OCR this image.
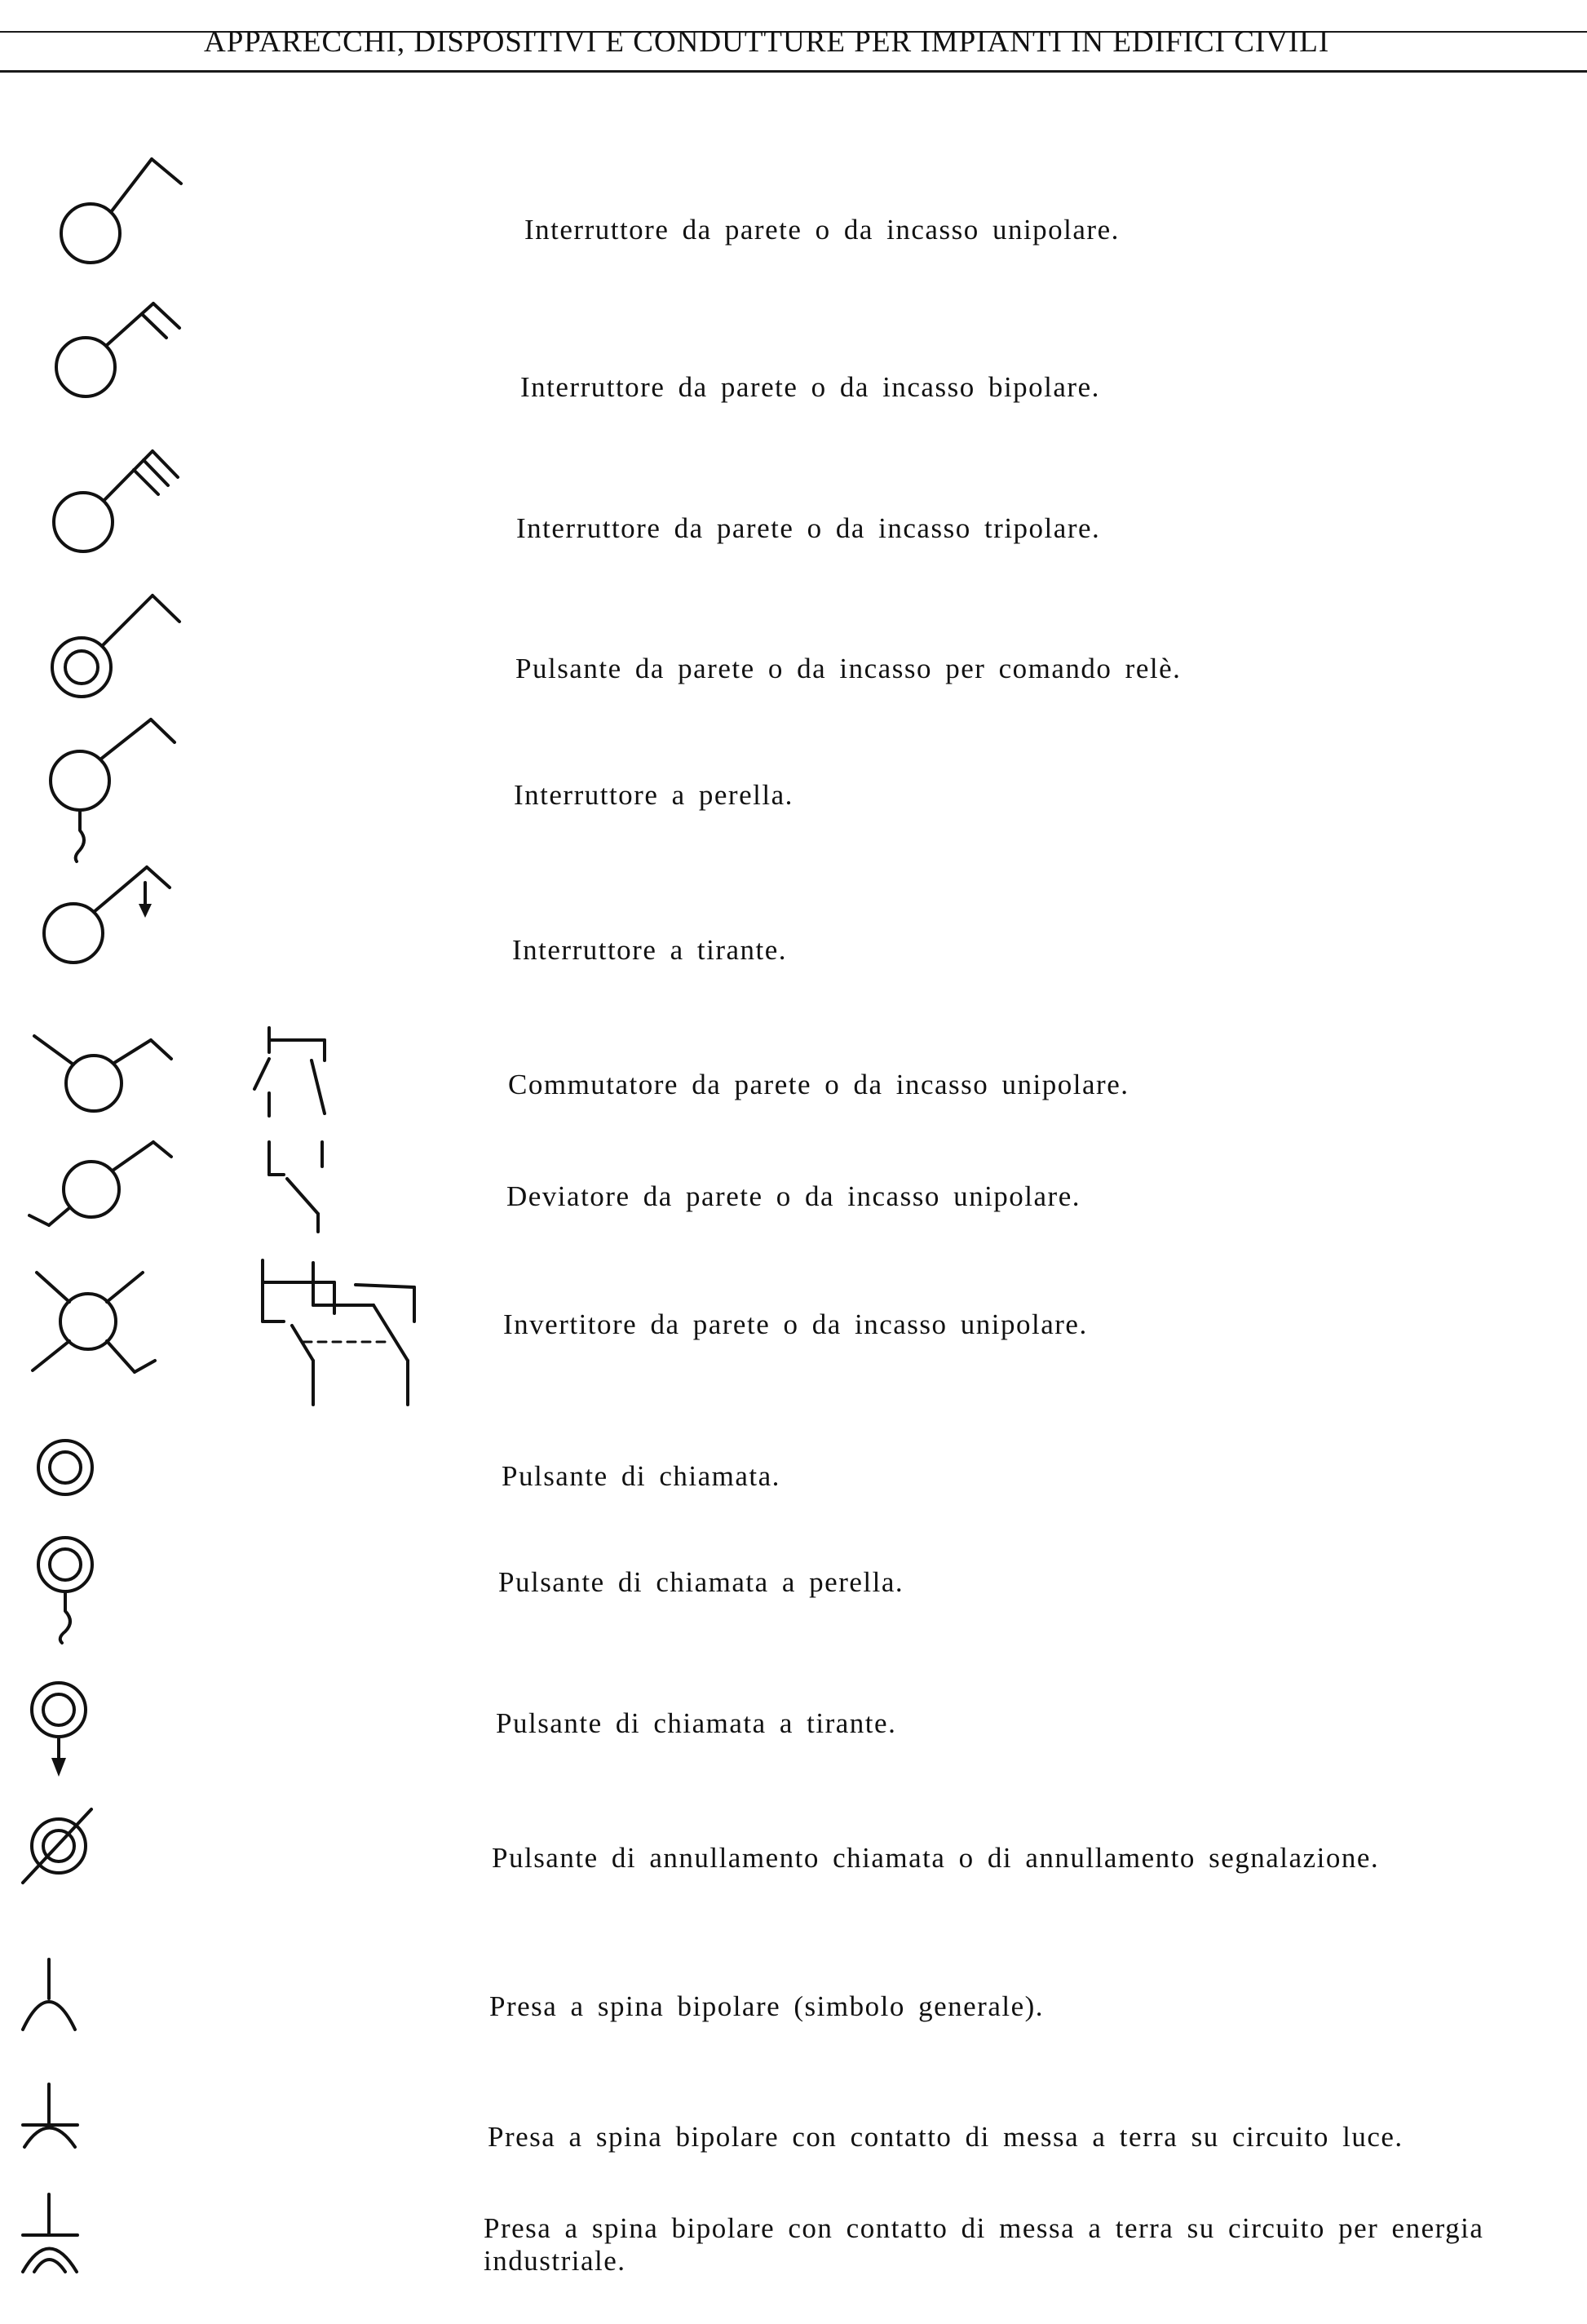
APPARECCHI, DISPOSITIVI E CONDUTTURE PER IMPIANTI IN EDIFICI CIVILI
Interruttore da parete o da incasso unipolare.
Interruttore da parete o da incasso bipolare.
Interruttore da parete o da incasso tripolare.
Pulsante da parete o da incasso per comando relè.
Interruttore a perella.
Interruttore a tirante.
Commutatore da parete o da incasso unipolare.
Deviatore da parete o da incasso unipolare.
Invertitore da parete o da incasso unipolare.
Pulsante di chiamata.
Pulsante di chiamata a perella.
Pulsante di chiamata a tirante.
Pulsante di annullamento chiamata o di annullamento segnalazione.
Presa a spina bipolare (simbolo generale).
Presa a spina bipolare con contatto di messa a terra su circuito luce.
Presa a spina bipolare con contatto di messa a terra su circuito per energia industriale.
